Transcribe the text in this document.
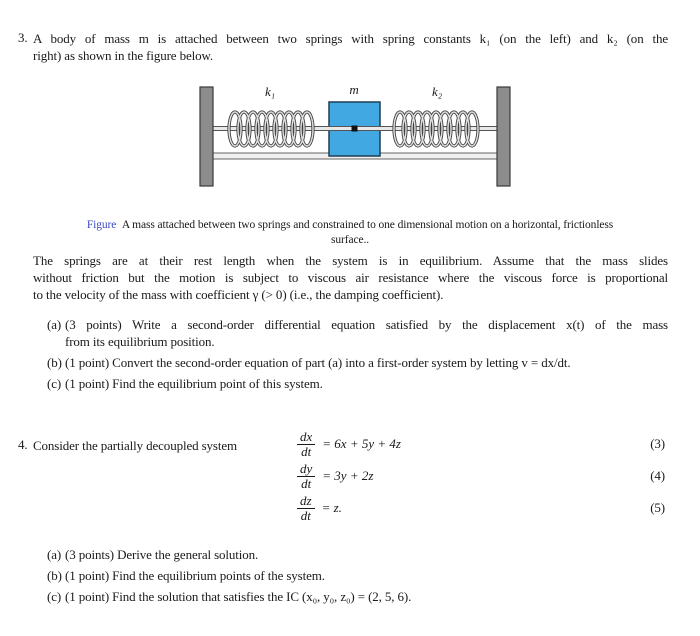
3. A body of mass m is attached between two springs with spring constants k₁ (on the left) and k₂ (on the
right) as shown in the figure below.
k₁	m	k₂
Figure A mass attached between two springs and constrained to one dimensional motion on a horizontal, frictionless
surface..
The springs are at their rest length when the system is in equilibrium. Assume that the mass slides
without friction but the motion is subject to viscous air resistance where the viscous force is proportional
to the velocity of the mass with coefficient γ (> 0) (i.e., the damping coefficient).
(a) (3 points) Write a second-order differential equation satisfied by the displacement x(t) of the mass
from its equilibrium position.
(b) (1 point) Convert the second-order equation of part (a) into a first-order system by letting v = dx/dt.
(c) (1 point) Find the equilibrium point of this system.
4. Consider the partially decoupled system	$\frac{dx}{dt} = 6x + 5y + 4z$	(3)
$\frac{dy}{dt} = 3y + 2z$	(4)
$\frac{dz}{dt} = z$.	(5)
(a) (3 points) Derive the general solution.
(b) (1 point) Find the equilibrium points of the system.
(c) (1 point) Find the solution that satisfies the IC (x₀, y₀, z₀) = (2, 5, 6).
